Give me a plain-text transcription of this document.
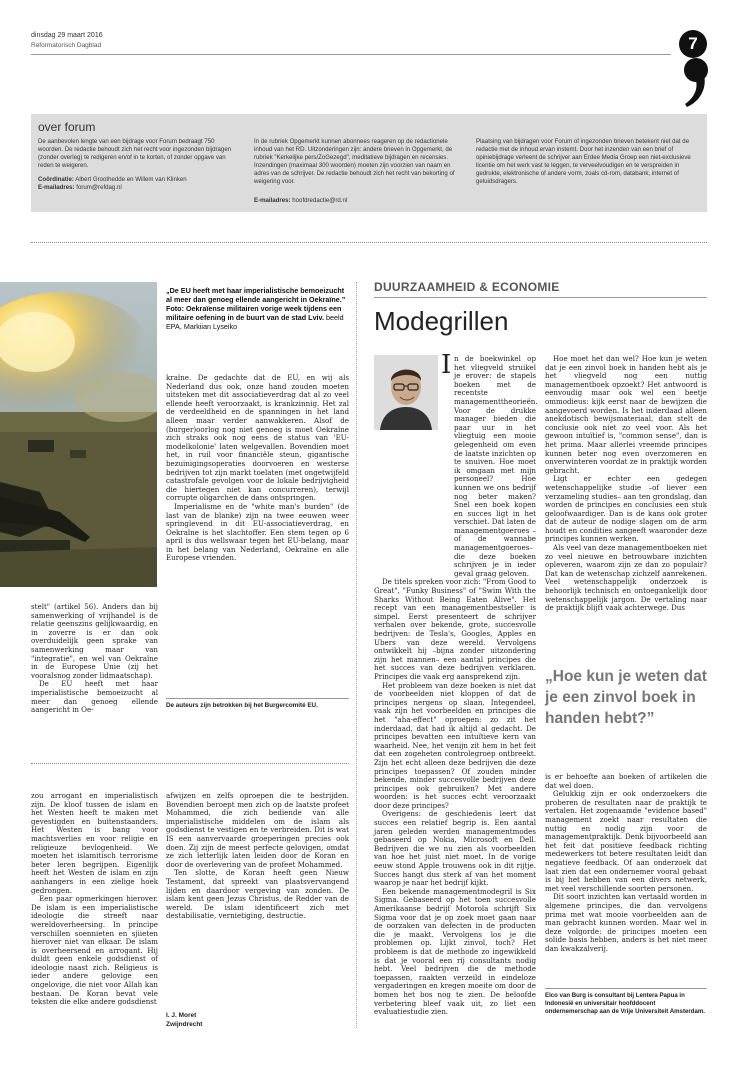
dinsdag 29 maart 2016
Reformatorisch Dagblad	7
over forum

De aanbevolen lengte van een bijdrage voor Forum bedraagt 750 woorden. De redactie behoudt zich het recht voor ingezonden bijdragen (zonder overleg) te redigeren en/of in te korten, of zonder opgave van reden te weigeren.

Coördinatie: Albert Groothedde en Willem van Klinken

E-mailadres: forum@refdag.nl

In de rubriek Opgemerkt kunnen abonnees reageren op de redactionele inhoud van het RD. Uitzonderingen zijn: andere brieven in Opgemerkt, de rubriek "Kerkelijke pers/ZoGezegd", meditatieve bijdragen en recensies. Inzendingen (maximaal 300 woorden) moeten zijn voorzien van naam en adres van de schrijver. De redactie behoudt zich het recht van bekorting of weigering voor.

E-mailadres: hoofdredactie@rd.nl

Plaatsing van bijdragen voor Forum of ingezonden brieven betekent niet dat de redactie met de inhoud ervan instemt. Door het inzenden van een brief of opiniebijdrage verleent de schrijver aan Erdee Media Groep een niet-exclusieve licentie om het werk vast te leggen, te verveelvoudigen en te verspreiden in gedrukte, elektronische of andere vorm, zoals cd-rom, databank, internet of geluidsdragers.

„De EU heeft met haar imperialistische bemoeizucht al meer dan genoeg ellende aangericht in Oekraïne.” Foto: Oekraïense militairen vorige week tijdens een militaire oefening in de buurt van de stad Lviv. beeld EPA, Markiian Lyseiko

kraïne. De gedachte dat de EU, en wij als Nederland dus ook, onze hand zouden moeten uitsteken met dit associatieverdrag dat al zo veel ellende heeft veroorzaakt, is krankzinnig. Het zal de verdeeldheid en de spanningen in het land alleen maar verder aanwakkeren. Alsof de (burger)oorlog nog niet genoeg is moet Oekraïne zich straks ook nog eens de status van 'EU-modelkolonie' laten welgevallen. Bovendien moet het, in ruil voor financiële steun, gigantische bezuinigingsoperaties doorvoeren en westerse bedrijven tot zijn markt toelaten (met ongetwijfeld catastrofale gevolgen voor de lokale bedrijvigheid die hiertegen niet kan concurreren), terwijl corrupte oligarchen de dans ontspringen.

Imperialisme en de "white man's burden" (de last van de blanke) zijn na twee eeuwen weer springlevend in dit EU-associatieverdrag, en Oekraïne is het slachtoffer. Een stem tegen op 6 april is dus wellswaar tegen het EU-belang, maar in het belang van Nederland, Oekraïne en alle Europese vrienden.

De auteurs zijn betrokken bij het Burgercomité EU.

stelt" (artikel 56). Anders dan bij samenwerking of vrijhandel is de relatie geenszins gelijkwaardig, en in zoverre is er dan ook overduidelijk geen sprake van samenwerking maar van "integratie", en wel van Oekraïne in de Europese Unie (zij het vooralsnog zonder lidmaatschap).

De EU heeft met haar imperialistische bemoeizucht al meer dan genoeg ellende aangericht in Oe-

zou arrogant en imperialistisch zijn. De kloof tussen de islam en het Westen heeft te maken met gevestigden en buitenstaanders. Het Westen is bang voor machtsverlies en voor religie en religieuze bevlogenheid. We moeten het islamitisch terrorisme beter leren begrijpen. Eigenlijk heeft het Westen de islam en zijn aanhangers in een zielige hoek gedrongen.

Een paar opmerkingen hierover. De islam is een imperialistische ideologie die streeft naar wereldoverheersing. In principe verschillen soennieten en sjiieten hierover niet van elkaar. De islam is overheersend en arrogant. Hij duldt geen enkele godsdienst of ideologie naast zich. Religieus is ieder andere gelovige een ongelovige, die niet voor Allah kan bestaan. De Koran bevat vele teksten die elke andere godsdienst

afwijzen en zelfs oproepen die te bestrijden. Bovendien beroept men zich op de laatste profeet Mohammed, die zich bediende van alle imperialistische middelen om de islam als godsdienst te vestigen en te verbreiden. Dit is wat IS een aanvervaarde groeperingen precies ook doen. Zij zijn de meest perfecte gelovigen, omdat ze zich letterlijk laten leiden door de Koran en door de overlevering van de profeet Mohammed.

Ten slotte, de Koran heeft geen Nieuw Testament, dat spreekt van plaatsvervangend lijden en daardoor vergeving van zonden. De islam kent geen Jezus Christus, de Redder van de wereld. De islam identificeert zich met destabilisatie, vernietiging, destructie.

I. J. Moret
Zwijndrecht
DUURZAAMHEID & ECONOMIE
Modegrillen
I n de boekwinkel op het vliegveld struikel je erover: de stapels boeken met de recentste managementtheorieën. Voor de drukke manager bieden die paar uur in het vliegtuig een mooie gelegenheid om even de laatste inzichten op te snuiven. Hoe moet ik omgaan met mijn personeel? Hoe kunnen we ons bedrijf nog beter maken? Snel een boek kopen en succes ligt in het verschiet. Dat laten de managementgoeroes –of de wannabe managementgoeroes– die deze boeken schrijven je in ieder geval graag geloven.

De titels spreken voor zich: "From Good to Great", "Funky Business" of "Swim With the Sharks Without Being Eaten Alive". Het recept van een managementbestseller is simpel. Eerst presenteert de schrijver verhalen over bekende, grote, succesvolle bedrijven: de Tesla's, Googles, Apples en Ubers van deze wereld. Vervolgens ontwikkelt hij –bijna zonder uitzondering zijn het mannen– een aantal principes die het succes van deze bedrijven verklaren. Principes die vaak erg aansprekend zijn.

Het probleem van deze boeken is niet dat de voorbeelden niet kloppen of dat de principes nergens op slaan. Integendeel, vaak zijn het voorbeelden en principes die het "aha-effect" oproepen: zo zit het inderdaad, dat had ik altijd al gedacht. De principes bevatten een intuïtieve kern van waarheid. Nee, het venijn zit hem in het feit dat een zogeheten controlegroep ontbreekt. Zijn het echt alleen deze bedrijven die deze principes toepassen? Of zouden minder bekende, minder succesvolle bedrijven deze principes ook gebruiken? Met andere woorden: is het succes echt veroorzaakt door deze principes?

Overigens: de geschiedenis leert dat succes een relatief begrip is. Een aantal jaren geleden werden managementmodes gebaseerd op Nokia, Microsoft en Dell. Bedrijven die we nu zien als voorbeelden van hoe het juist niet moet. In de vorige eeuw stond Apple trouwens ook in dit rijtje. Succes hangt dus sterk af van het moment waarop je naar het bedrijf kijkt.

Een bekende managementmodegril is Six Sigma. Gebaseerd op het toen succesvolle Amerikaanse bedrijf Motorola schrijft Six Sigma voor dat je op zoek moet gaan naar de oorzaken van defecten in de producten die je maakt. Vervolgens los je die problemen op. Lijkt zinvol, toch? Het probleem is dat de methode zo ingewikkeld is dat je vooral een rij consultants nodig hebt. Veel bedrijven die de methode toepassen, raakten verzeild in eindeloze vergaderingen en kregen moeite om door de bomen het bos nog te zien. De beloofde verbetering bleef vaak uit, zo liet een evaluatiestudie zien.

Hoe moet het dan wel? Hoe kun je weten dat je een zinvol boek in handen hebt als je het vliegveld nog een nuttig managementboek opzoekt? Het antwoord is eenvoudig maar ook wel een beetje ommodieus: kijk eerst naar de bewijzen die aangevoerd worden. Is het inderdaad alleen anekdotisch bewijsmateriaal, dan stelt de conclusie ook niet zo veel voor. Als het gewoon intuïtief is, "common sense", dan is het prima. Maar allerlei vreemde principes kunnen beter nog even overzomeren en onverwinteren voordat ze in praktijk worden gebracht.

Ligt er echter een gedegen wetenschappelijke studie –of liever een verzameling studies– aan ten grondslag, dan worden de principes en conclusies een stuk geloofwaardiger. Dan is de kans ook groter dat de auteur de nodige slagen om de arm houdt en condities aangeeft waaronder deze principes kunnen werken.

Als veel van deze managementboeken niet zo veel nieuwe en betrouwbare inzichten opleveren, waarom zijn ze dan zo populair? Dat kan de wetenschap zichzelf aanrekenen. Veel wetenschappelijk onderzoek is behoorlijk technisch en ontoegankelijk door wetenschappelijk jargon. De vertaling naar de praktijk blijft vaak achterwege. Dus

„Hoe kun je weten dat je een zinvol boek in handen hebt?”

is er behoefte aan boeken of artikelen die dat wel doen.

Gelukkig zijn er ook onderzoekers die proberen de resultaten naar de praktijk te vertalen. Het zogenaamde "evidence based" management zoekt naar resultaten die nuttig en nodig zijn voor de managementpraktijk. Denk bijvoorbeeld aan het feit dat positieve feedback richting medewerkers tot betere resultaten leidt dan negatieve feedback. Of aan onderzoek dat laat zien dat een ondernemer vooral gebaat is bij het hebben van een divers netwerk, met veel verschillende soorten personen.

Dit soort inzichten kan vertaald worden in algemene principes, die dan vervolgens prima met wat mooie voorbeelden aan de man gebracht kunnen worden. Maar wel in deze volgorde: de principes moeten een solide basis hebben, anders is het niet meer dan kwakzalverij.

Elco van Burg is consultant bij Lentera Papua in Indonesië en universitair hoofddocent ondernemerschap aan de Vrije Universiteit Amsterdam.
